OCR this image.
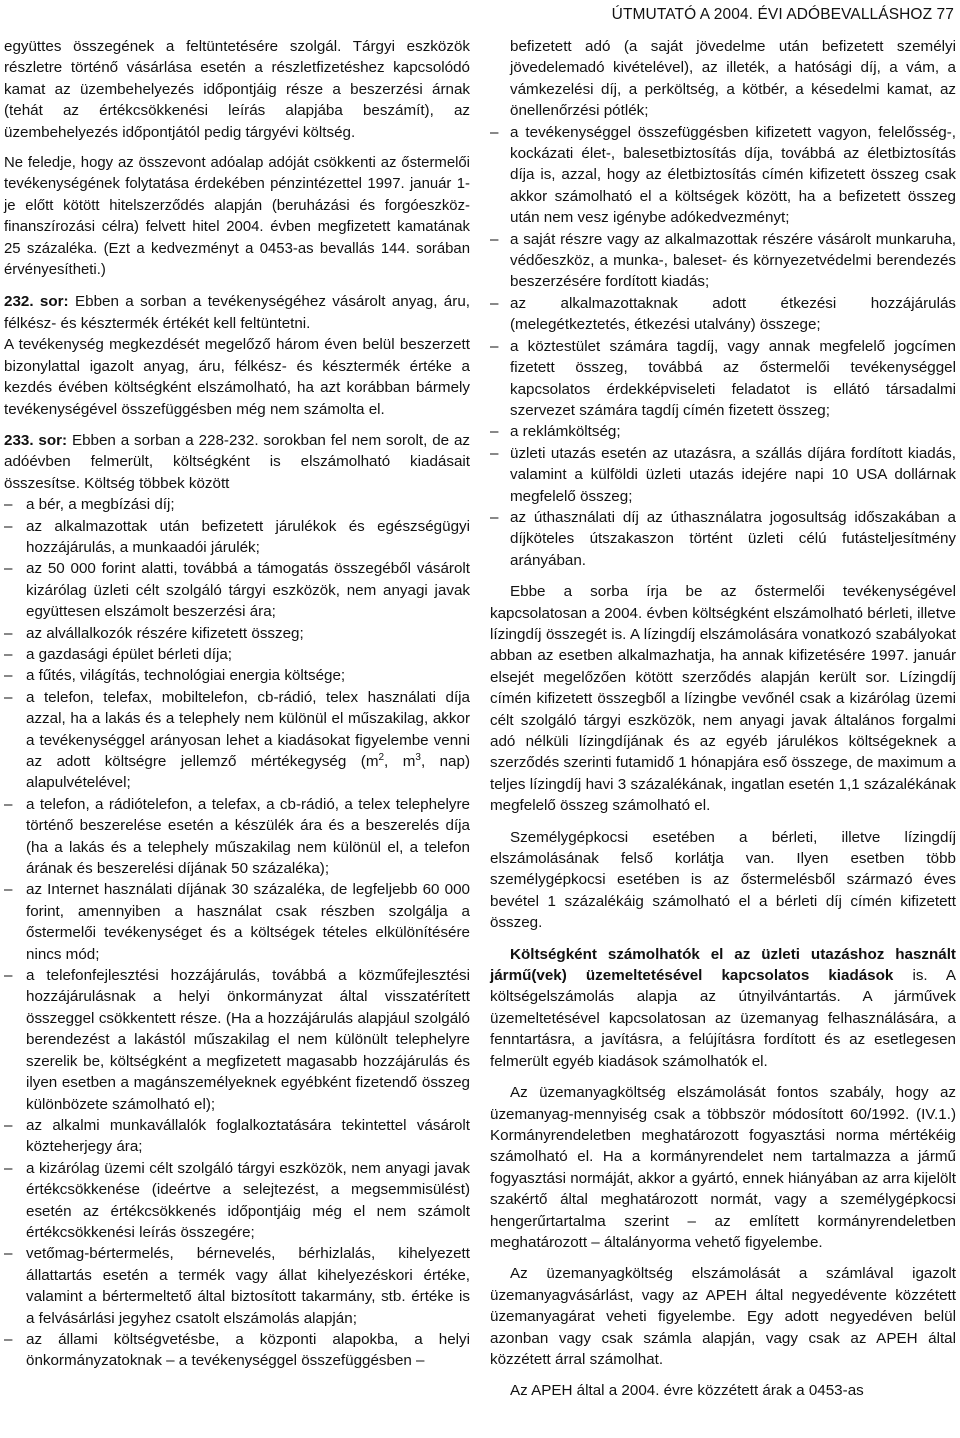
ÚTMUTATÓ A 2004. ÉVI ADÓBEVALLÁSHOZ 77

együttes összegének a feltüntetésére szolgál. Tárgyi eszközök részletre történő vásárlása esetén a részletfizetéshez kapcsolódó kamat az üzembehelyezés időpontjáig része a beszerzési árnak (tehát az értékcsökkenési leírás alapjába beszámít), az üzembehelyezés időpontjától pedig tárgyévi költség.

Ne feledje, hogy az összevont adóalap adóját csökkenti az őstermelői tevékenységének folytatása érdekében pénzintézettel 1997. január 1-je előtt kötött hitelszerződés alapján (beruházási és forgóeszköz-finanszírozási célra) felvett hitel 2004. évben megfizetett kamatának 25 százaléka. (Ezt a kedvezményt a 0453-as bevallás 144. sorában érvényesítheti.)

232. sor: Ebben a sorban a tevékenységéhez vásárolt anyag, áru, félkész- és késztermék értékét kell feltüntetni.

A tevékenység megkezdését megelőző három éven belül beszerzett bizonylattal igazolt anyag, áru, félkész- és késztermék értéke a kezdés évében költségként elszámolható, ha azt korábban bármely tevékenységével összefüggésben még nem számolta el.

233. sor: Ebben a sorban a 228-232. sorokban fel nem sorolt, de az adóévben felmerült, költségként is elszámolható kiadásait összesítse. Költség többek között

– a bér, a megbízási díj;
– az alkalmazottak után befizetett járulékok és egészségügyi hozzájárulás, a munkaadói járulék;
– az 50 000 forint alatti, továbbá a támogatás összegéből vásárolt kizárólag üzleti célt szolgáló tárgyi eszközök, nem anyagi javak együttesen elszámolt beszerzési ára;
– az alvállalkozók részére kifizetett összeg;
– a gazdasági épület bérleti díja;
– a fűtés, világítás, technológiai energia költsége;
– a telefon, telefax, mobiltelefon, cb-rádió, telex használati díja azzal, ha a lakás és a telephely nem különül el műszakilag, akkor a tevékenységgel arányosan lehet a kiadásokat figyelembe venni az adott költségre jellemző mértékegység ($m^2$, $m^3$, nap) alapulvételével;
– a telefon, a rádiótelefon, a telefax, a cb-rádió, a telex telephelyre történő beszerelése esetén a készülék ára és a beszerelés díja (ha a lakás és a telephely műszakilag nem különül el, a telefon árának és beszerelési díjának 50 százaléka);
– az Internet használati díjának 30 százaléka, de legfeljebb 60 000 forint, amennyiben a használat csak részben szolgálja a őstermelői tevékenységet és a költségek tételes elkülönítésére nincs mód;
– a telefonfejlesztési hozzájárulás, továbbá a közműfejlesztési hozzájárulásnak a helyi önkormányzat által visszatérített összeggel csökkentett része. (Ha a hozzájárulás alapjául szolgáló berendezést a lakástól műszakilag el nem különült telephelyre szerelik be, költségként a megfizetett magasabb hozzájárulás és ilyen esetben a magánszemélyeknek egyébként fizetendő összeg különbözete számolható el);
– az alkalmi munkavállalók foglalkoztatására tekintettel vásárolt közteherjegy ára;
– a kizárólag üzemi célt szolgáló tárgyi eszközök, nem anyagi javak értékcsökkenése (ideértve a selejtezést, a megsemmisülést) esetén az értékcsökkenés időpontjáig még el nem számolt értékcsökkenési leírás összegére;
– vetőmag-bértermelés, bérnevelés, bérhizlalás, kihelyezett állattartás esetén a termék vagy állat kihelyezéskori értéke, valamint a bértermeltető által biztosított takarmány, stb. értéke is a felvásárlási jegyhez csatolt elszámolás alapján;
– az állami költségvetésbe, a központi alapokba, a helyi önkormányzatoknak – a tevékenységgel összefüggésben –

befizetett adó (a saját jövedelme után befizetett személyi jövedelemadó kivételével), az illeték, a hatósági díj, a vám, a vámkezelési díj, a perköltség, a kötbér, a késedelmi kamat, az önellenőrzési pótlék;

– a tevékenységgel összefüggésben kifizetett vagyon, felelősség-, kockázati élet-, balesetbiztosítás díja, továbbá az életbiztosítás díja is, azzal, hogy az életbiztosítás címén kifizetett összeg csak akkor számolható el a költségek között, ha a befizetett összeg után nem vesz igénybe adókedvezményt;
– a saját részre vagy az alkalmazottak részére vásárolt munkaruha, védőeszköz, a munka-, baleset- és környezetvédelmi berendezés beszerzésére fordított kiadás;
– az alkalmazottaknak adott étkezési hozzájárulás (melegétkeztetés, étkezési utalvány) összege;
– a köztestület számára tagdíj, vagy annak megfelelő jogcímen fizetett összeg, továbbá az őstermelői tevékenységgel kapcsolatos érdekképviseleti feladatot is ellátó társadalmi szervezet számára tagdíj címén fizetett összeg;
– a reklámköltség;
– üzleti utazás esetén az utazásra, a szállás díjára fordított kiadás, valamint a külföldi üzleti utazás idejére napi 10 USA dollárnak megfelelő összeg;
– az úthasználati díj az úthasználatra jogosultság időszakában a díjköteles útszakaszon történt üzleti célú futásteljesítmény arányában.

Ebbe a sorba írja be az őstermelői tevékenységével kapcsolatosan a 2004. évben költségként elszámolható bérleti, illetve lízingdíj összegét is. A lízingdíj elszámolására vonatkozó szabályokat abban az esetben alkalmazhatja, ha annak kifizetésére 1997. január elsejét megelőzően kötött szerződés alapján került sor. Lízingdíj címén kifizetett összegből a lízingbe vevőnél csak a kizárólag üzemi célt szolgáló tárgyi eszközök, nem anyagi javak általános forgalmi adó nélküli lízingdíjának és az egyéb járulékos költségeknek a szerződés szerinti futamidő 1 hónapjára eső összege, de maximum a teljes lízingdíj havi 3 százalékának, ingatlan esetén 1,1 százalékának megfelelő összeg számolható el.

Személygépkocsi esetében a bérleti, illetve lízingdíj elszámolásának felső korlátja van. Ilyen esetben több személygépkocsi esetében is az őstermelésből származó éves bevétel 1 százalékáig számolható el a bérleti díj címén kifizetett összeg.

Költségként számolhatók el az üzleti utazáshoz használt jármű(vek) üzemeltetésével kapcsolatos kiadások is. A költségelszámolás alapja az útnyilvántartás. A járművek üzemeltetésével kapcsolatosan az üzemanyag felhasználására, a fenntartásra, a javításra, a felújításra fordított és az esetlegesen felmerült egyéb kiadások számolhatók el.

Az üzemanyagköltség elszámolását fontos szabály, hogy az üzemanyag-mennyiség csak a többször módosított 60/1992. (IV.1.) Kormányrendeletben meghatározott fogyasztási norma mértékéig számolható el. Ha a kormányrendelet nem tartalmazza a jármű fogyasztási normáját, akkor a gyártó, ennek hiányában az arra kijelölt szakértő által meghatározott normát, vagy a személygépkocsi hengerűrtartalma szerint – az említett kormányrendeletben meghatározott – általányorma vehető figyelembe.

Az üzemanyagköltség elszámolását a számlával igazolt üzemanyagvásárlást, vagy az APEH által negyedévente közzétett üzemanyagárat veheti figyelembe. Egy adott negyedéven belül azonban vagy csak számla alapján, vagy csak az APEH által közzétett árral számolhat.

Az APEH által a 2004. évre közzétett árak a 0453-as
